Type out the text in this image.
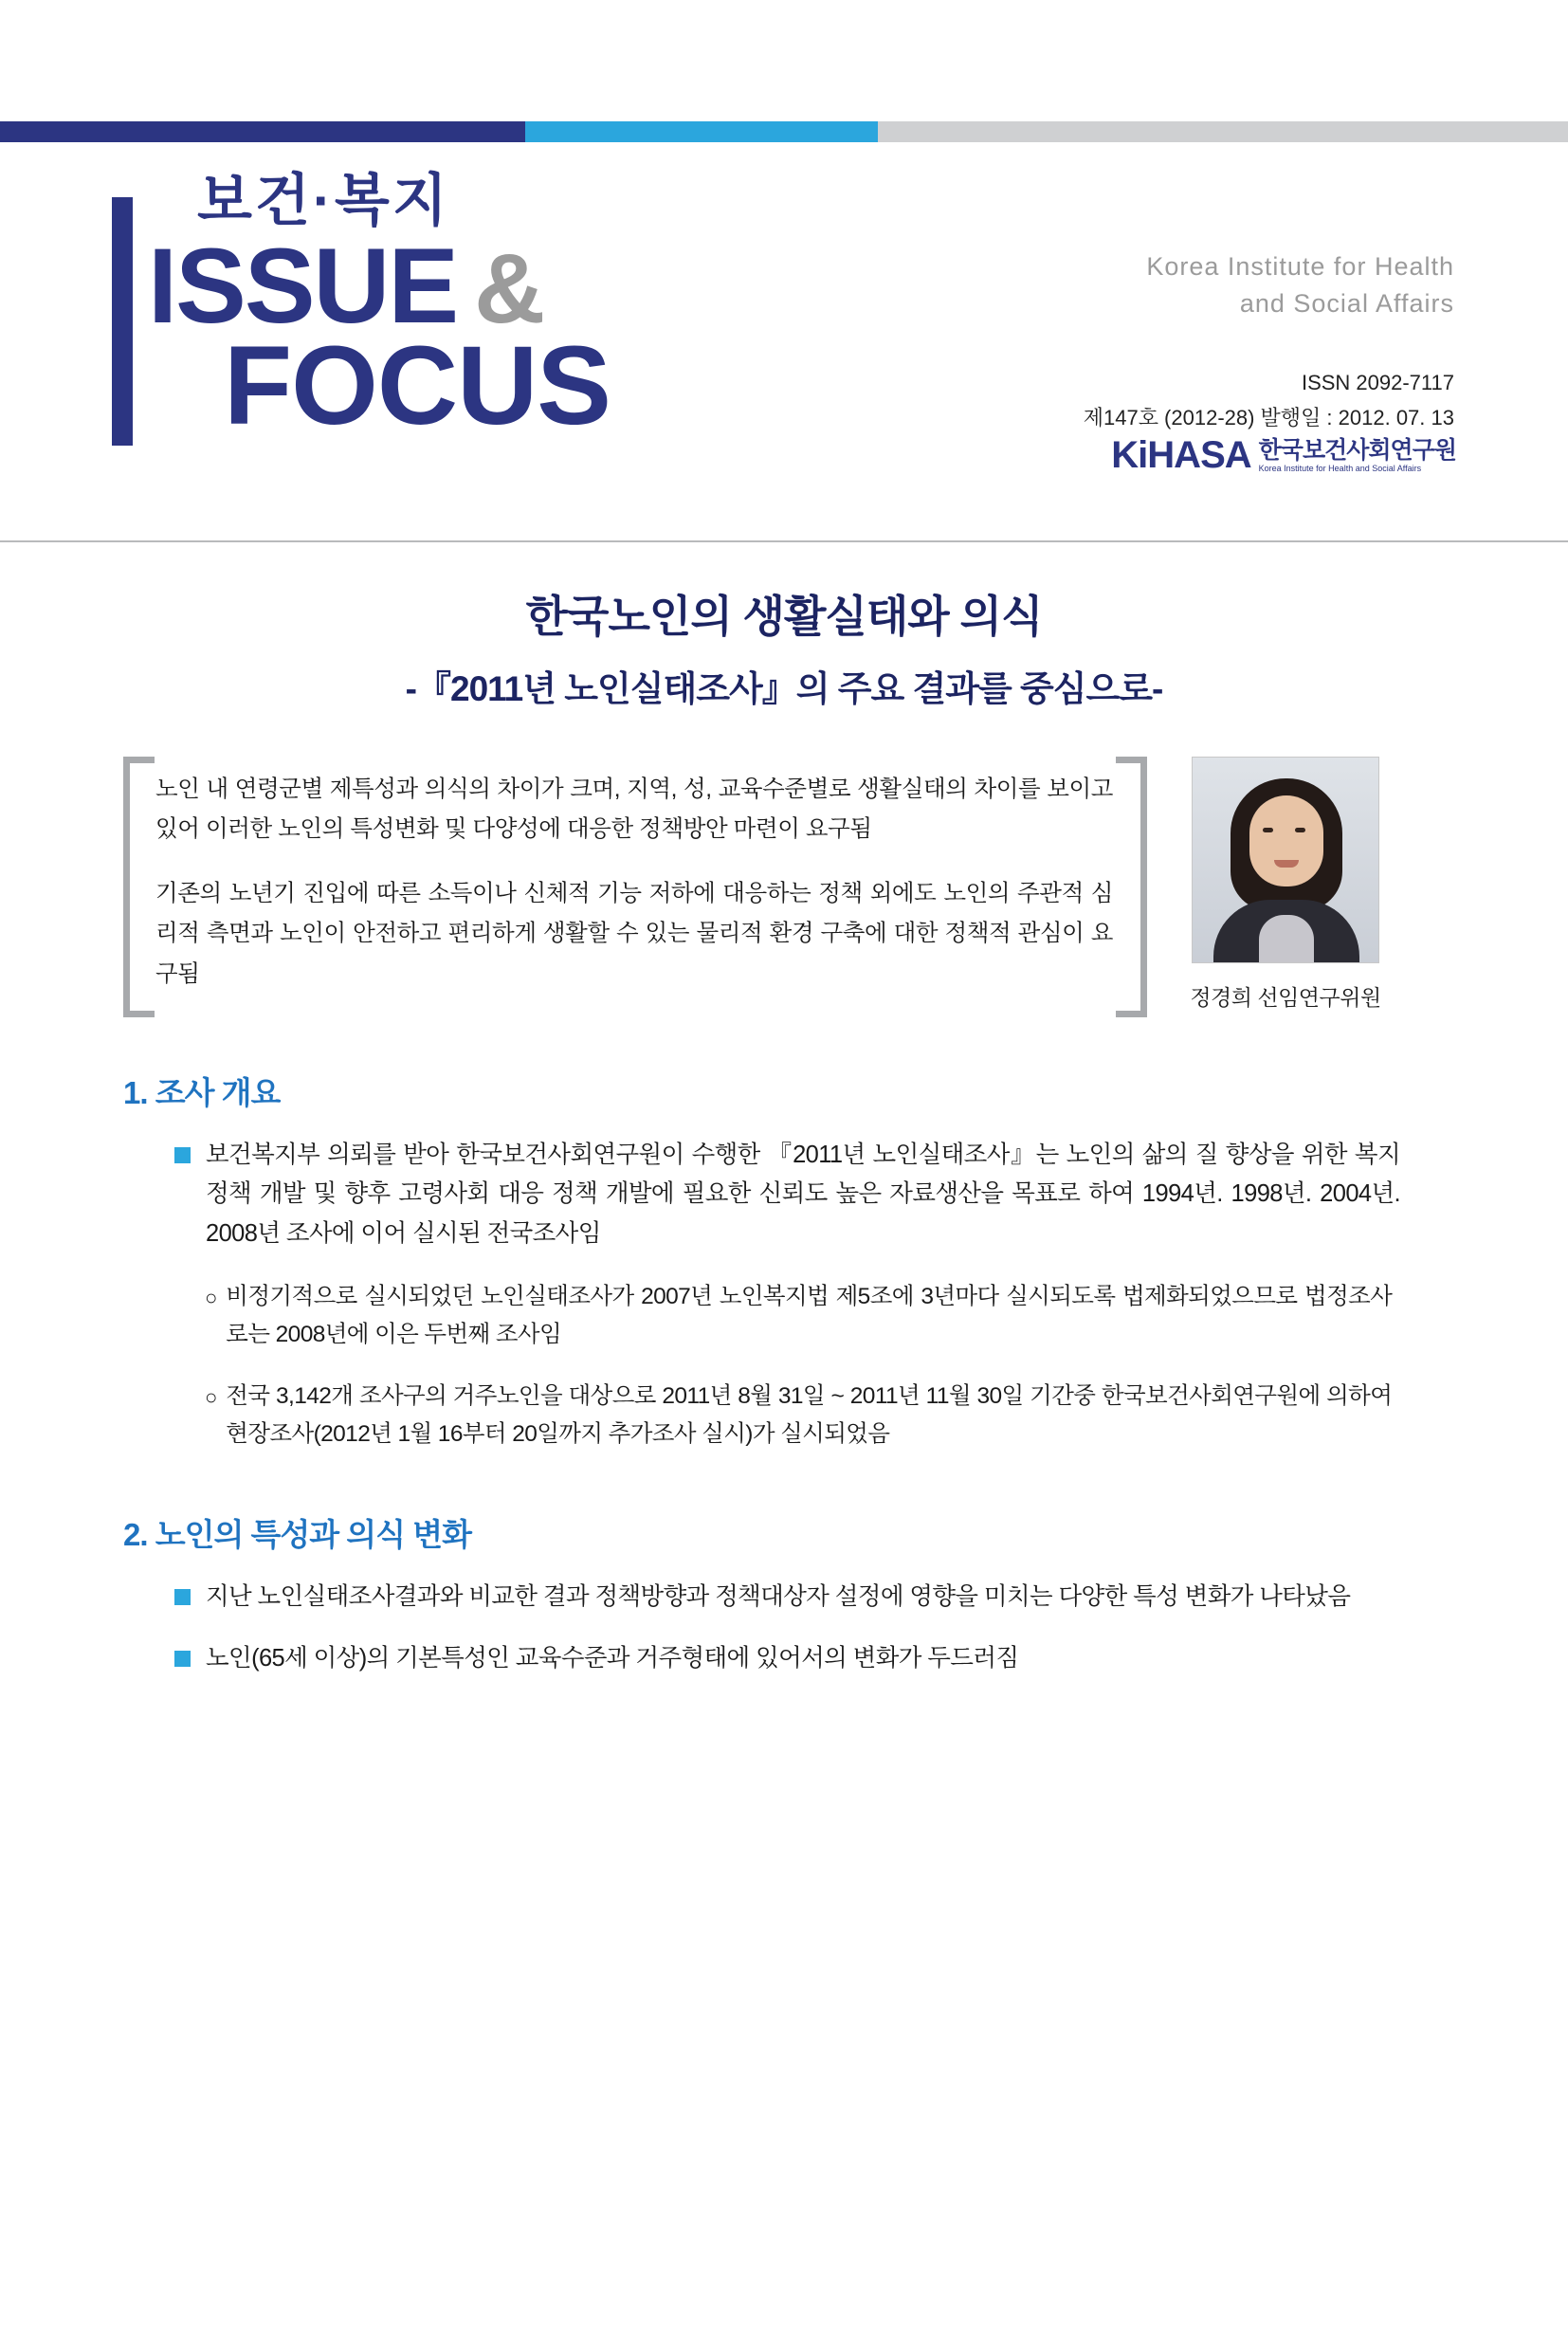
보건·복지
ISSUE &
FOCUS
Korea Institute for Health
and Social Affairs
ISSN 2092-7117
제147호 (2012-28) 발행일 : 2012. 07. 13
KiHASA 한국보건사회연구원
Korea Institute for Health and Social Affairs
한국노인의 생활실태와 의식
-『2011년 노인실태조사』의 주요 결과를 중심으로-

노인 내 연령군별 제특성과 의식의 차이가 크며, 지역, 성, 교육수준별로 생활실태의 차이를 보이고 있어 이러한 노인의 특성변화 및 다양성에 대응한 정책방안 마련이 요구됨

기존의 노년기 진입에 따른 소득이나 신체적 기능 저하에 대응하는 정책 외에도 노인의 주관적 심리적 측면과 노인이 안전하고 편리하게 생활할 수 있는 물리적 환경 구축에 대한 정책적 관심이 요구됨

정경희 선임연구위원
1. 조사 개요
보건복지부 의뢰를 받아 한국보건사회연구원이 수행한 『2011년 노인실태조사』는 노인의 삶의 질 향상을 위한 복지정책 개발 및 향후 고령사회 대응 정책 개발에 필요한 신뢰도 높은 자료생산을 목표로 하여 1994년. 1998년. 2004년. 2008년 조사에 이어 실시된 전국조사임
○ 비정기적으로 실시되었던 노인실태조사가 2007년 노인복지법 제5조에 3년마다 실시되도록 법제화되었으므로 법정조사로는 2008년에 이은 두번째 조사임
○ 전국 3,142개 조사구의 거주노인을 대상으로 2011년 8월 31일 ~ 2011년 11월 30일 기간중 한국보건사회연구원에 의하여 현장조사(2012년 1월 16부터 20일까지 추가조사 실시)가 실시되었음
2. 노인의 특성과 의식 변화
지난 노인실태조사결과와 비교한 결과 정책방향과 정책대상자 설정에 영향을 미치는 다양한 특성 변화가 나타났음
노인(65세 이상)의 기본특성인 교육수준과 거주형태에 있어서의 변화가 두드러짐
